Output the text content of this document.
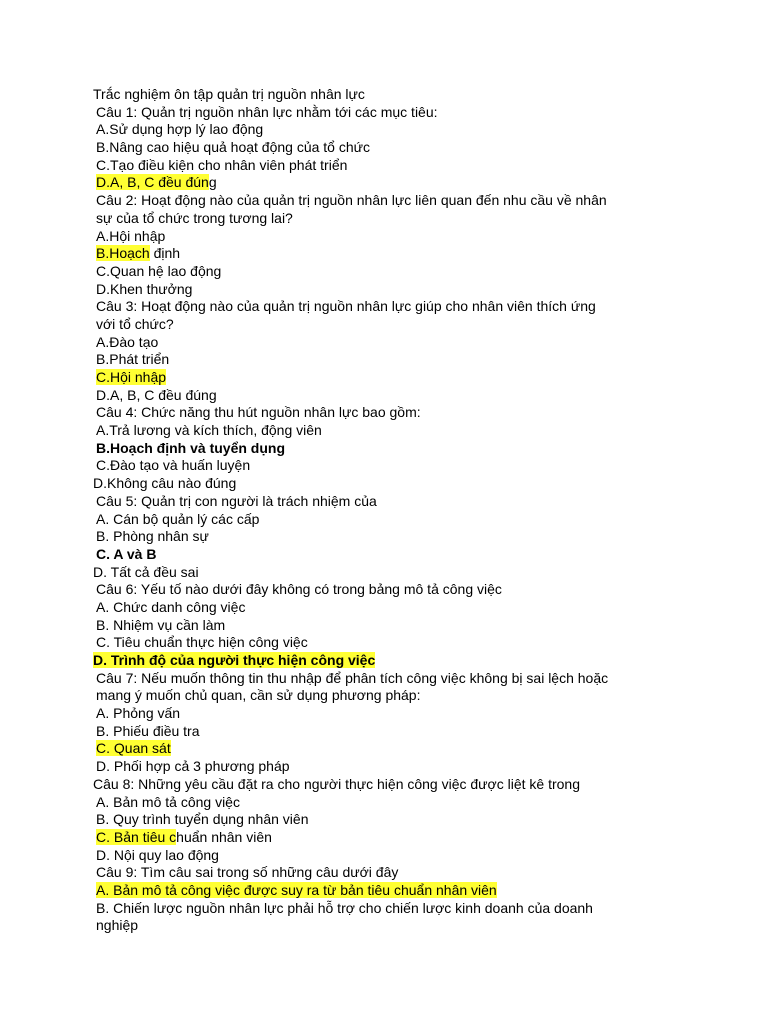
Trắc nghiệm ôn tập quản trị nguồn nhân lực
Câu 1: Quản trị nguồn nhân lực nhằm tới các mục tiêu:
A.Sử dụng hợp lý lao động
B.Nâng cao hiệu quả hoạt động của tổ chức
C.Tạo điều kiện cho nhân viên phát triển
D.A, B, C đều đúng
Câu 2: Hoạt động nào của quản trị nguồn nhân lực liên quan đến nhu cầu về nhân
sự của tổ chức trong tương lai?
A.Hội nhập
B.Hoạch định
C.Quan hệ lao động
D.Khen thưởng
Câu 3: Hoạt động nào của quản trị nguồn nhân lực giúp cho nhân viên thích ứng
với tổ chức?
A.Đào tạo
B.Phát triển
C.Hội nhập
D.A, B, C đều đúng
Câu 4: Chức năng thu hút nguồn nhân lực bao gồm:
A.Trả lương và kích thích, động viên
B.Hoạch định và tuyển dụng
C.Đào tạo và huấn luyện
D.Không câu nào đúng
Câu 5: Quản trị con người là trách nhiệm của
A. Cán bộ quản lý các cấp
B. Phòng nhân sự
C. A và B
D. Tất cả đều sai
Câu 6: Yếu tố nào dưới đây không có trong bảng mô tả công việc
A. Chức danh công việc
B. Nhiệm vụ cần làm
C. Tiêu chuẩn thực hiện công việc
D. Trình độ của người thực hiện công việc
Câu 7: Nếu muốn thông tin thu nhập để phân tích công việc không bị sai lệch hoặc
mang ý muốn chủ quan, cần sử dụng phương pháp:
A. Phỏng vấn
B. Phiếu điều tra
C. Quan sát
D. Phối hợp cả 3 phương pháp
Câu 8: Những yêu cầu đặt ra cho người thực hiện công việc được liệt kê trong
A. Bản mô tả công việc
B. Quy trình tuyển dụng nhân viên
C. Bản tiêu chuẩn nhân viên
D. Nội quy lao động
Câu 9: Tìm câu sai trong số những câu dưới đây
A. Bản mô tả công việc được suy ra từ bản tiêu chuẩn nhân viên
B. Chiến lược nguồn nhân lực phải hỗ trợ cho chiến lược kinh doanh của doanh
nghiệp
